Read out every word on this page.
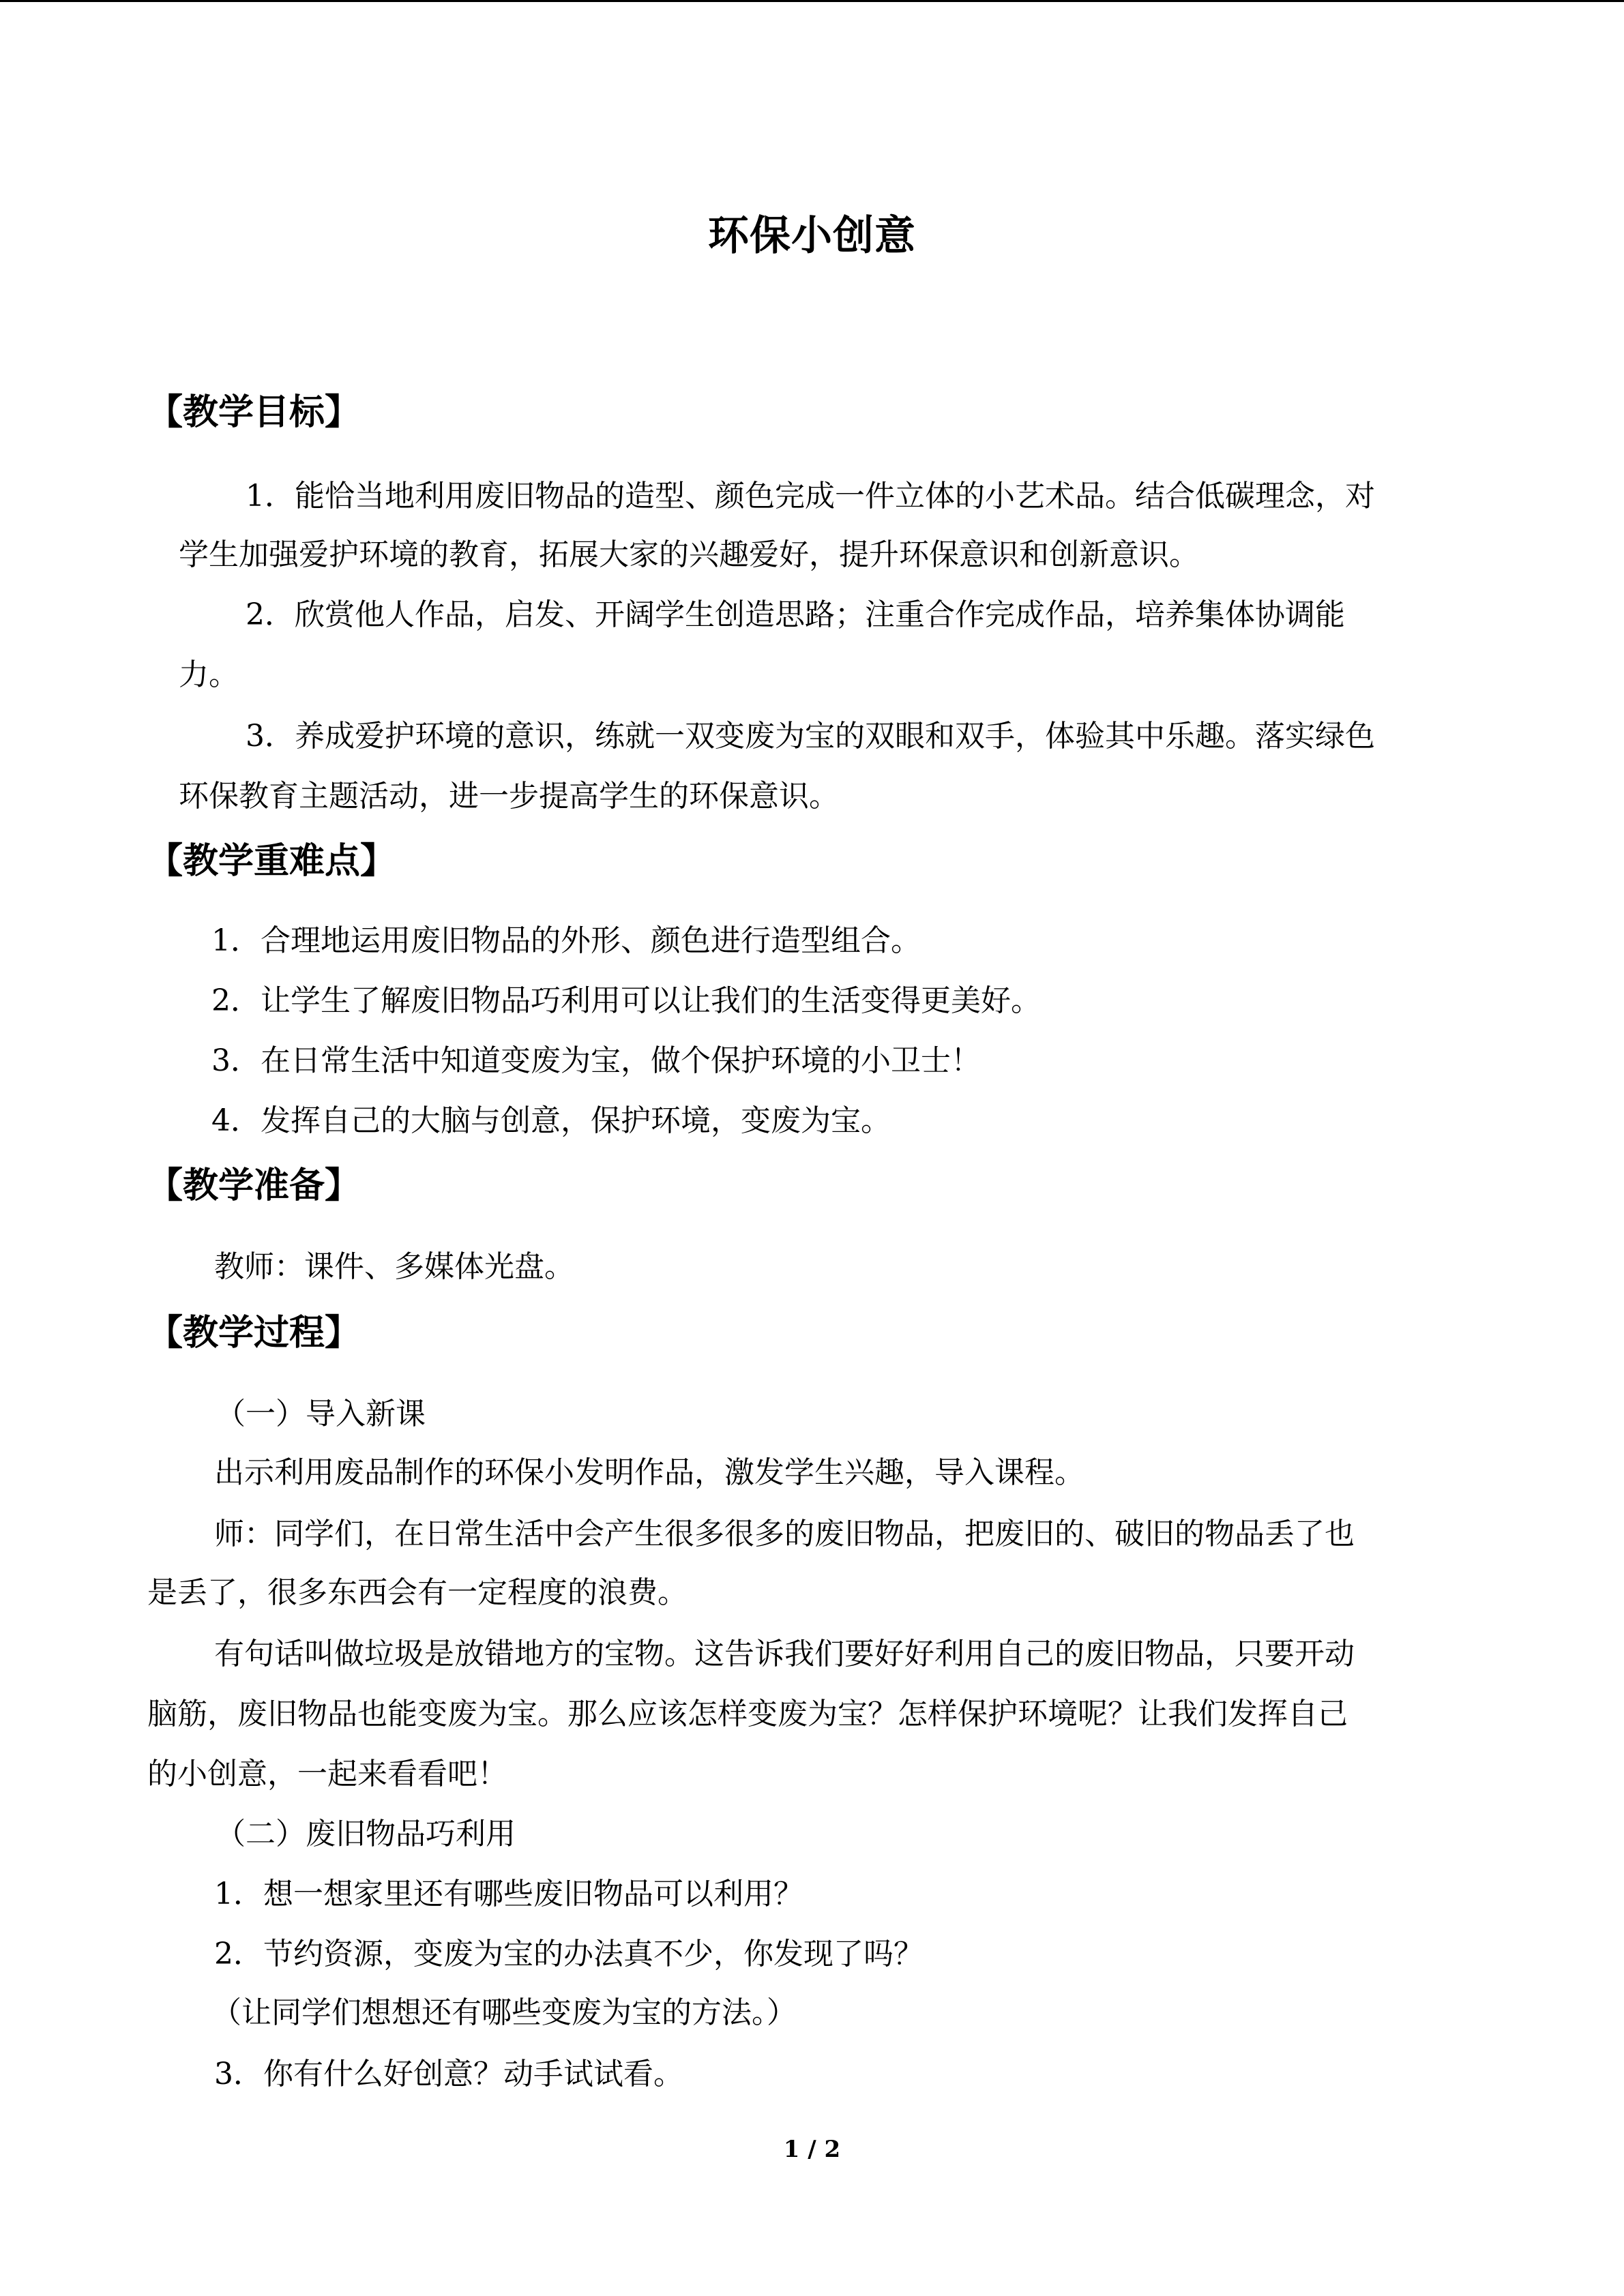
环保小创意
【教学目标】
1．能恰当地利用废旧物品的造型、颜色完成一件立体的小艺术品。结合低碳理念，对
学生加强爱护环境的教育，拓展大家的兴趣爱好，提升环保意识和创新意识。
2．欣赏他人作品，启发、开阔学生创造思路；注重合作完成作品，培养集体协调能
力。
3．养成爱护环境的意识，练就一双变废为宝的双眼和双手，体验其中乐趣。落实绿色
环保教育主题活动，进一步提高学生的环保意识。
【教学重难点】
1．合理地运用废旧物品的外形、颜色进行造型组合。
2．让学生了解废旧物品巧利用可以让我们的生活变得更美好。
3．在日常生活中知道变废为宝，做个保护环境的小卫士！
4．发挥自己的大脑与创意，保护环境，变废为宝。
【教学准备】
教师：课件、多媒体光盘。
【教学过程】
（一）导入新课
出示利用废品制作的环保小发明作品，激发学生兴趣，导入课程。
师：同学们，在日常生活中会产生很多很多的废旧物品，把废旧的、破旧的物品丢了也
是丢了，很多东西会有一定程度的浪费。
有句话叫做垃圾是放错地方的宝物。这告诉我们要好好利用自己的废旧物品，只要开动
脑筋，废旧物品也能变废为宝。那么应该怎样变废为宝？怎样保护环境呢？让我们发挥自己
的小创意，一起来看看吧！
（二）废旧物品巧利用
1．想一想家里还有哪些废旧物品可以利用？
2．节约资源，变废为宝的办法真不少，你发现了吗？
（让同学们想想还有哪些变废为宝的方法。）
3．你有什么好创意？动手试试看。
1 / 2
